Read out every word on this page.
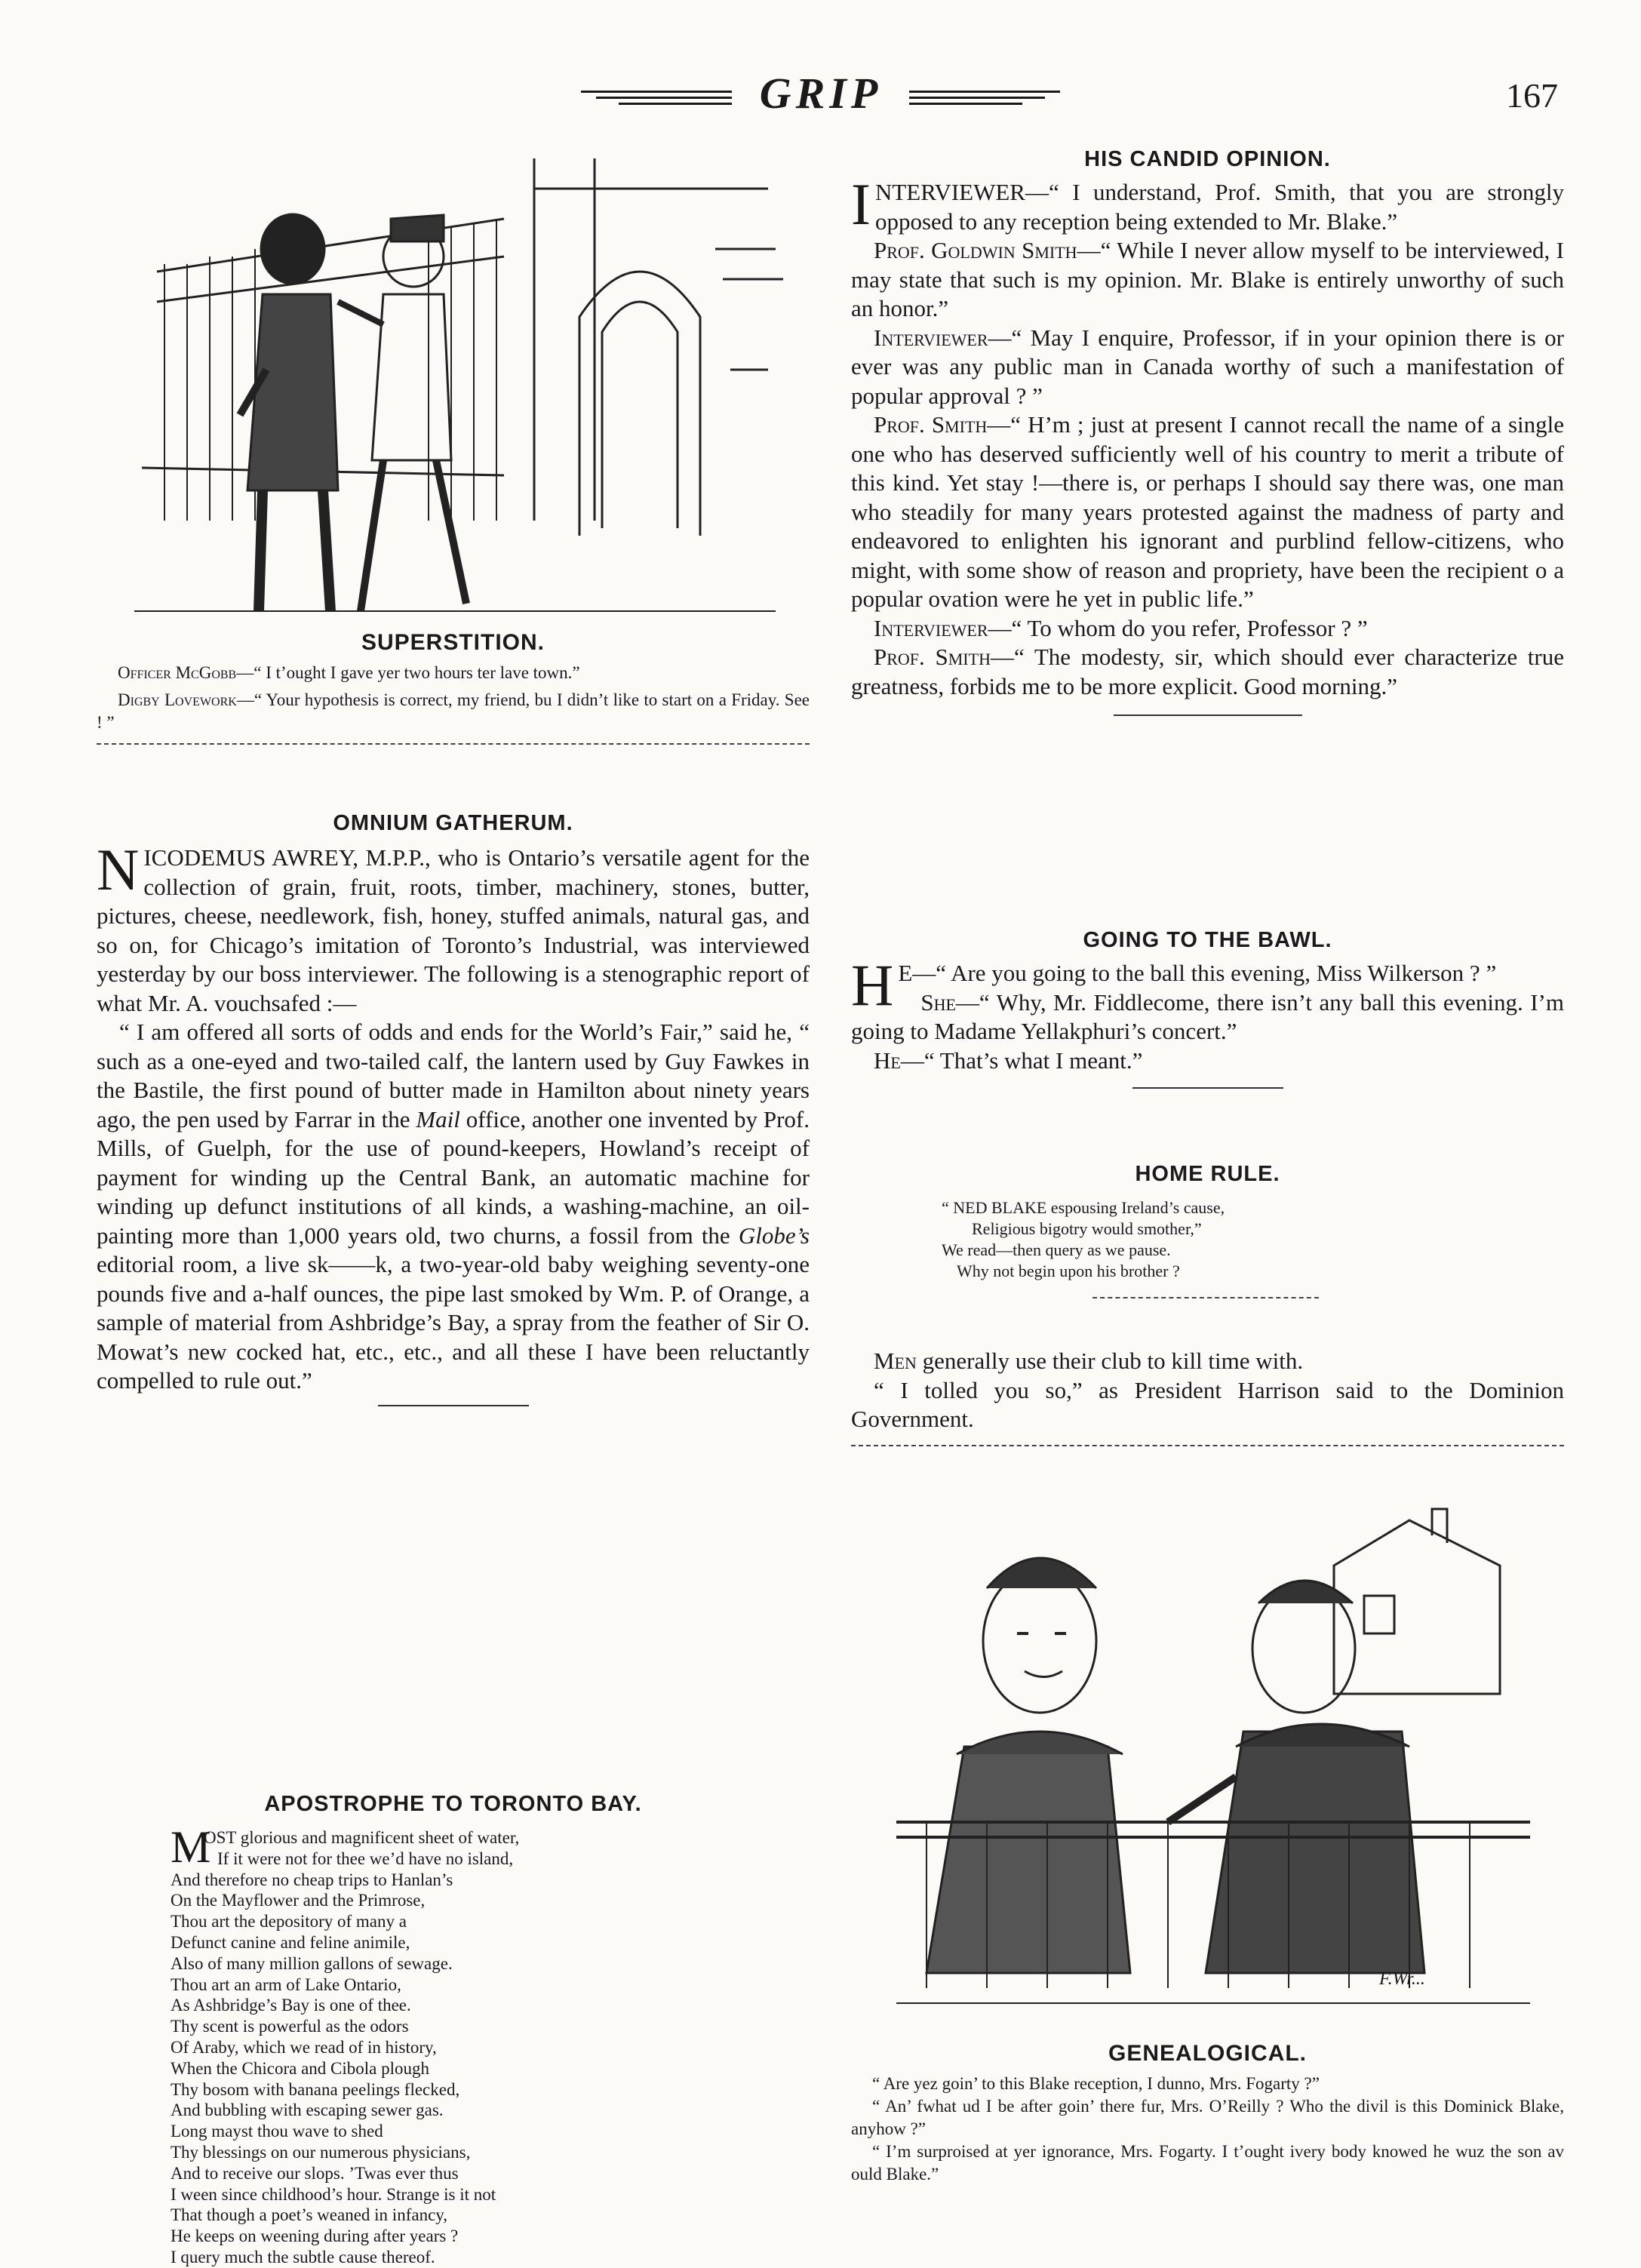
GRIP	167
SUPERSTITION.

Officer McGobb—“ I t’ought I gave yer two hours ter lave town.”

Digby Lovework—“ Your hypothesis is correct, my friend, bu I didn’t like to start on a Friday. See ! ”

OMNIUM GATHERUM.

NICODEMUS AWREY, M.P.P., who is Ontario’s versatile agent for the collection of grain, fruit, roots, timber, machinery, stones, butter, pictures, cheese, needlework, fish, honey, stuffed animals, natural gas, and so on, for Chicago’s imitation of Toronto’s Industrial, was interviewed yesterday by our boss interviewer. The following is a stenographic report of what Mr. A. vouchsafed :—

“ I am offered all sorts of odds and ends for the World’s Fair,” said he, “ such as a one-eyed and two-tailed calf, the lantern used by Guy Fawkes in the Bastile, the first pound of butter made in Hamilton about ninety years ago, the pen used by Farrar in the Mail office, another one invented by Prof. Mills, of Guelph, for the use of pound-keepers, Howland’s receipt of payment for winding up the Central Bank, an automatic machine for winding up defunct institutions of all kinds, a washing-machine, an oil-painting more than 1,000 years old, two churns, a fossil from the Globe’s editorial room, a live sk——k, a two-year-old baby weighing seventy-one pounds five and a-half ounces, the pipe last smoked by Wm. P. of Orange, a sample of material from Ashbridge’s Bay, a spray from the feather of Sir O. Mowat’s new cocked hat, etc., etc., and all these I have been reluctantly compelled to rule out.”

APOSTROPHE TO TORONTO BAY.

M
OST glorious and magnificent sheet of water,
If it were not for thee we’d have no island,
And therefore no cheap trips to Hanlan’s
On the Mayflower and the Primrose,
Thou art the depository of many a
Defunct canine and feline animile,
Also of many million gallons of sewage.
Thou art an arm of Lake Ontario,
As Ashbridge’s Bay is one of thee.
Thy scent is powerful as the odors
Of Araby, which we read of in history,
When the Chicora and Cibola plough
Thy bosom with banana peelings flecked,
And bubbling with escaping sewer gas.
Long mayst thou wave to shed
Thy blessings on our numerous physicians,
And to receive our slops. ’Twas ever thus
I ween since childhood’s hour. Strange is it not
That though a poet’s weaned in infancy,
He keeps on weening during after years ?
I query much the subtle cause thereof.

HIS CANDID OPINION.

INTERVIEWER—“ I understand, Prof. Smith, that you are strongly opposed to any reception being extended to Mr. Blake.”

Prof. Goldwin Smith—“ While I never allow myself to be interviewed, I may state that such is my opinion. Mr. Blake is entirely unworthy of such an honor.”

Interviewer—“ May I enquire, Professor, if in your opinion there is or ever was any public man in Canada worthy of such a manifestation of popular approval ? ”

Prof. Smith—“ H’m ; just at present I cannot recall the name of a single one who has deserved sufficiently well of his country to merit a tribute of this kind. Yet stay !—there is, or perhaps I should say there was, one man who steadily for many years protested against the madness of party and endeavored to enlighten his ignorant and purblind fellow-citizens, who might, with some show of reason and propriety, have been the recipient o a popular ovation were he yet in public life.”

Interviewer—“ To whom do you refer, Professor ? ”

Prof. Smith—“ The modesty, sir, which should ever characterize true greatness, forbids me to be more explicit. Good morning.”

GOING TO THE BAWL.

H E—“ Are you going to the ball this evening, Miss Wilkerson ? ”

She—“ Why, Mr. Fiddlecome, there isn’t any ball this evening. I’m going to Madame Yellakphuri’s concert.”

He—“ That’s what I meant.”

HOME RULE.

“ NED BLAKE espousing Ireland’s cause,
Religious bigotry would smother,”
We read—then query as we pause.
Why not begin upon his brother ?

Men generally use their club to kill time with.

“ I tolled you so,” as President Harrison said to the Dominion Government.

F.Wr...
GENEALOGICAL.

“ Are yez goin’ to this Blake reception, I dunno, Mrs. Fogarty ?”

“ An’ fwhat ud I be after goin’ there fur, Mrs. O’Reilly ? Who the divil is this Dominick Blake, anyhow ?”

“ I’m surproised at yer ignorance, Mrs. Fogarty. I t’ought ivery body knowed he wuz the son av ould Blake.”
